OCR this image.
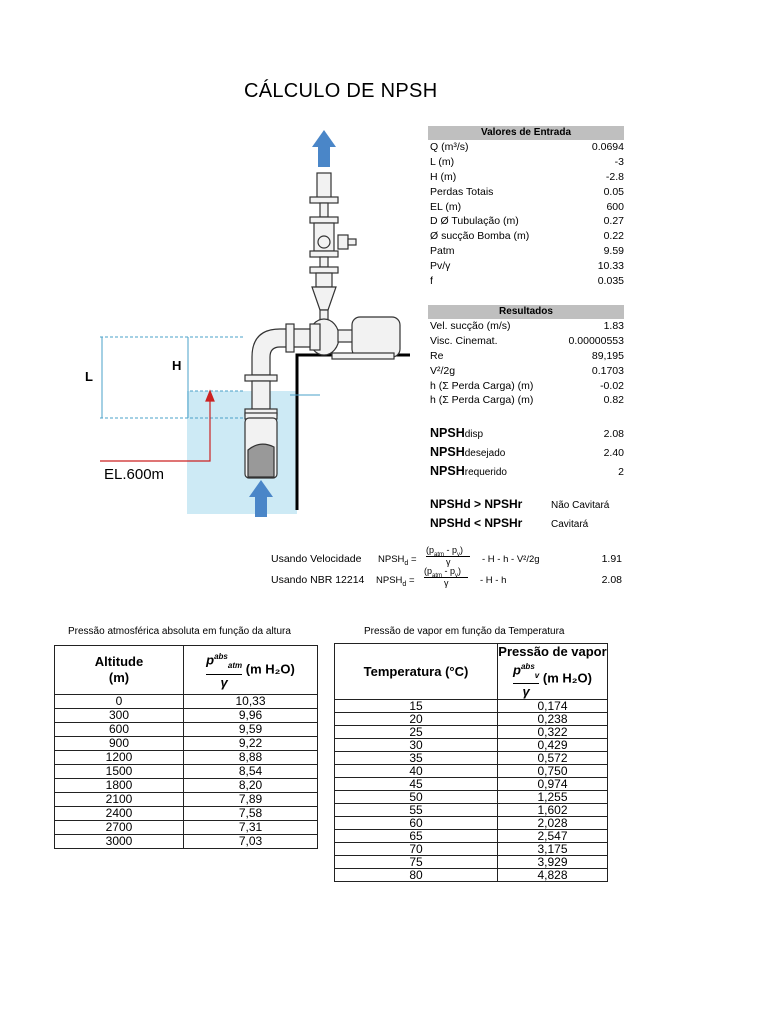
CÁLCULO DE NPSH
L
H
EL.600m
Valores de Entrada
Q (m³/s)	0.0694
L (m)	-3
H (m)	-2.8
Perdas Totais	0.05
EL (m)	600
D Ø Tubulação (m)	0.27
Ø sucção Bomba (m)	0.22
Patm	9.59
Pv/γ	10.33
f	0.035
Resultados
Vel. sucção (m/s)	1.83
Visc. Cinemat.	0.00000553
Re	89,195
V²/2g	0.1703
h (Σ Perda Carga) (m)	-0.02
h (Σ Perda Carga) (m)	0.82
NPSHdisp	2.08
NPSHdesejado	2.40
NPSHrequerido	2
NPSHd > NPSHr	Não Cavitará
NPSHd < NPSHr	Cavitará
Usando Velocidade $NPSH_d$ =
$(p_{atm} - p_v)$
γ	- H - h - V²/2g	1.91
Usando NBR 12214 $NPSH_d$ =
$(p_{atm} - p_v)$
γ	- H - h	2.08
Pressão atmosférica absoluta em função da altura	Pressão de vapor em função da Temperatura
Altitude
(m)	$p^{abs}_{atm}$
γ
(m H₂O)
0	10,33
300	9,96
600	9,59
900	9,22
1200	8,88
1500	8,54
1800	8,20
2100	7,89
2400	7,58
2700	7,31
3000	7,03
Temperatura (°C)	Pressão de vapor

$p^{abs}_v$
γ
(m H₂O)
15	0,174
20	0,238
25	0,322
30	0,429
35	0,572
40	0,750
45	0,974
50	1,255
55	1,602
60	2,028
65	2,547
70	3,175
75	3,929
80	4,828
